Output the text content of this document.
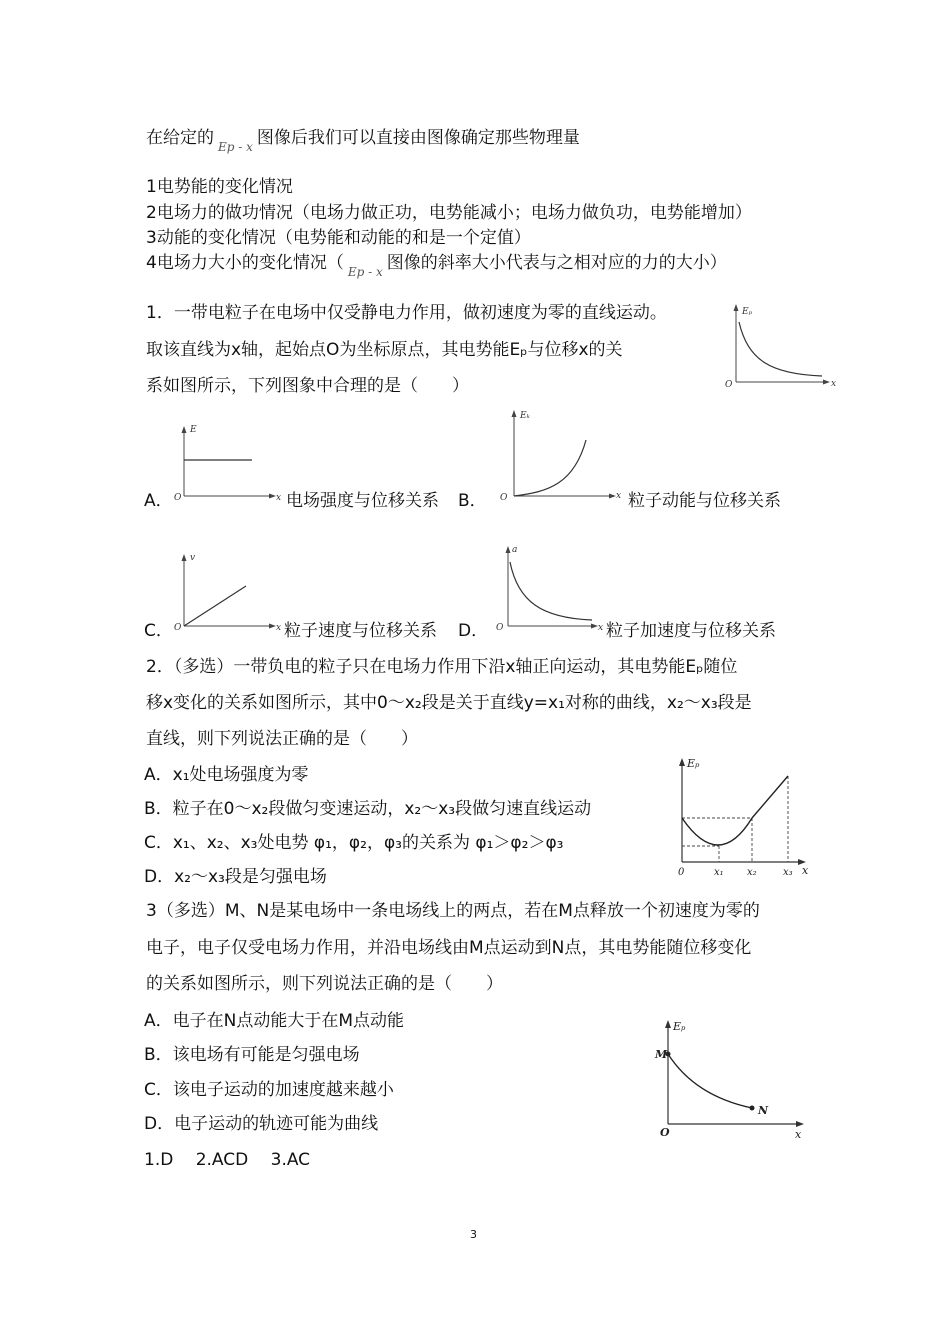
在给定的 $_{Ep - x}$ 图像后我们可以直接由图像确定那些物理量
1电势能的变化情况
2电场力的做功情况（电场力做正功，电势能减小；电场力做负功，电势能增加）
3动能的变化情况（电势能和动能的和是一个定值）
4电场力大小的变化情况（ $_{Ep - x}$ 图像的斜率大小代表与之相对应的力的大小）
1．一带电粒子在电场中仅受静电力作用，做初速度为零的直线运动。
取该直线为x轴，起始点O为坐标原点，其电势能Eₚ与位移x的关
系如图所示，下列图象中合理的是（　　）
Eₚ
O	x
E
O	x
A．	电场强度与位移关系
Eₖ
O	x
B．	粒子动能与位移关系
v
O	x
C．	粒子速度与位移关系
a
O	x
D．	粒子加速度与位移关系
2．（多选）一带负电的粒子只在电场力作用下沿x轴正向运动，其电势能Eₚ随位
移x变化的关系如图所示，其中0～x₂段是关于直线y=x₁对称的曲线，x₂～x₃段是
直线，则下列说法正确的是（　　）
A．x₁处电场强度为零
B．粒子在0～x₂段做匀变速运动，x₂～x₃段做匀速直线运动
C．x₁、x₂、x₃处电势 φ₁，φ₂，φ₃的关系为 φ₁＞φ₂＞φ₃
D．x₂～x₃段是匀强电场
Eₚ
0	x₁ x₂	x₃ x
3（多选）M、N是某电场中一条电场线上的两点，若在M点释放一个初速度为零的
电子，电子仅受电场力作用，并沿电场线由M点运动到N点，其电势能随位移变化
的关系如图所示，则下列说法正确的是（　　）
A．电子在N点动能大于在M点动能
B．该电场有可能是匀强电场
C．该电子运动的加速度越来越小
D．电子运动的轨迹可能为曲线
Eₚ
M
N
O	x
1.D　 2.ACD　 3.AC
3
